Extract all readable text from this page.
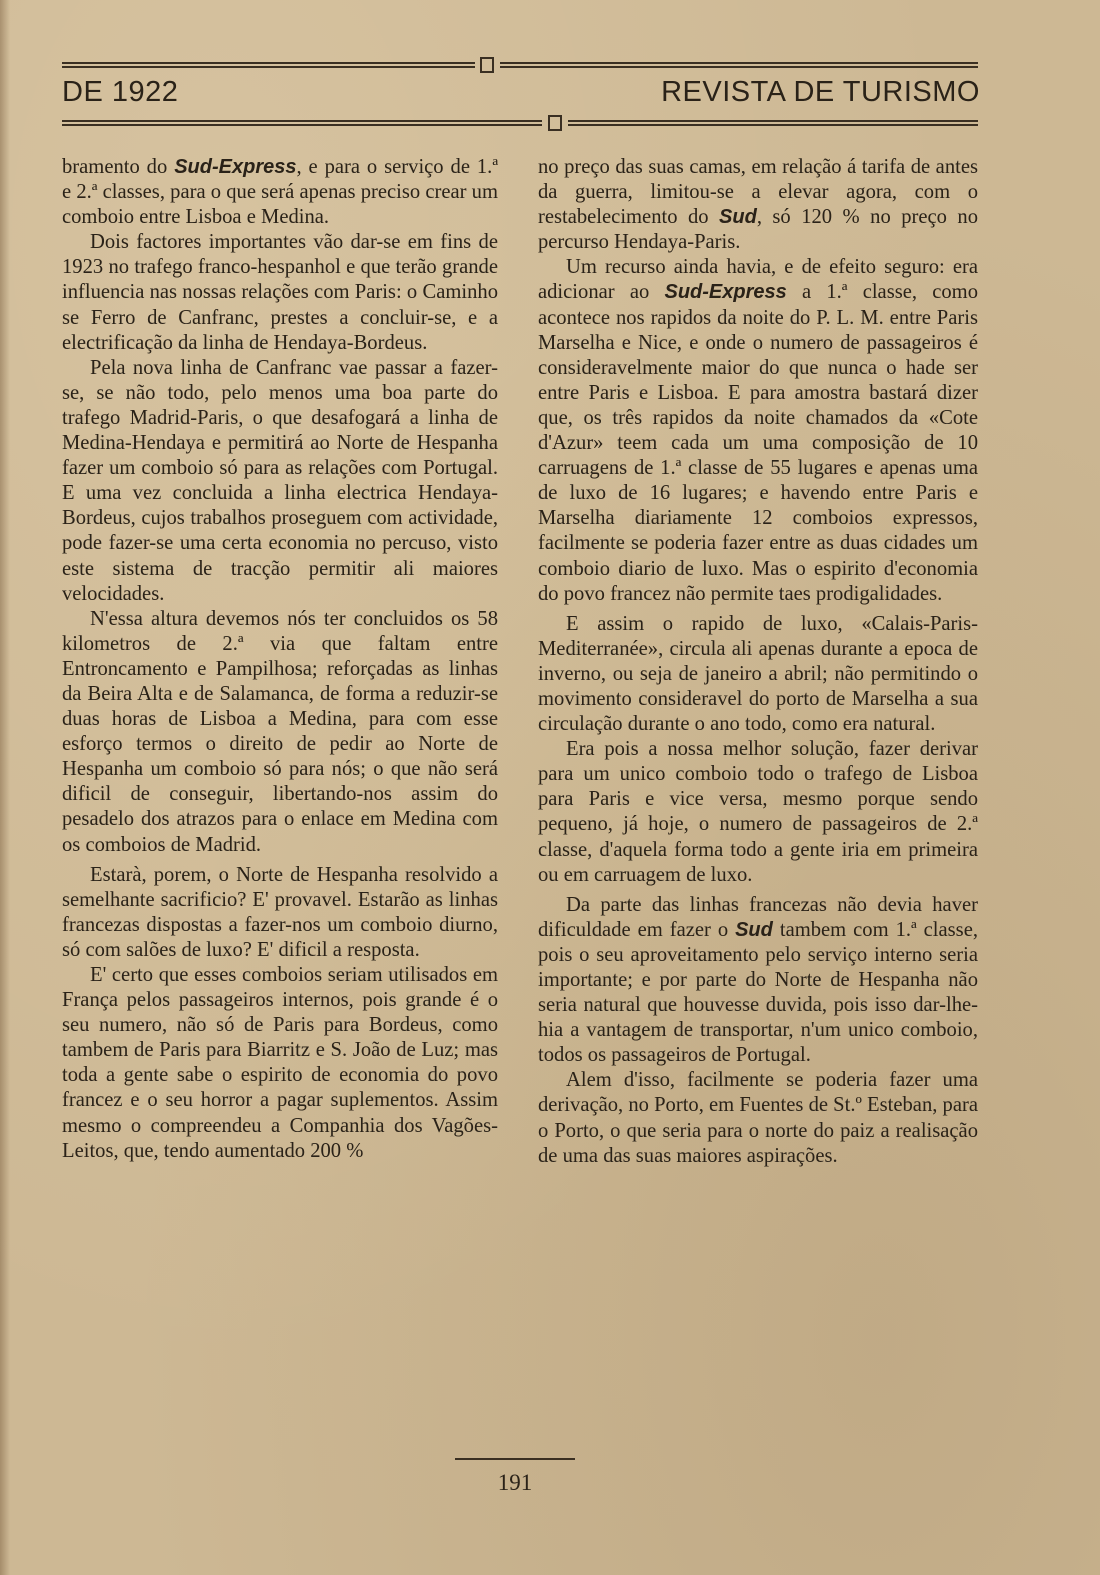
DE 1922	REVISTA DE TURISMO

bramento do Sud-Express, e para o serviço de 1.ª e 2.ª classes, para o que será apenas preciso crear um comboio entre Lisboa e Medina.

Dois factores importantes vão dar-se em fins de 1923 no trafego franco-hespanhol e que terão grande influencia nas nossas relações com Paris: o Caminho se Ferro de Canfranc, prestes a concluir-se, e a electrificação da linha de Hendaya-Bordeus.

Pela nova linha de Canfranc vae passar a fazer-se, se não todo, pelo menos uma boa parte do trafego Madrid-Paris, o que desafogará a linha de Medina-Hendaya e permitirá ao Norte de Hespanha fazer um comboio só para as relações com Portugal. E uma vez concluida a linha electrica Hendaya-Bordeus, cujos trabalhos proseguem com actividade, pode fazer-se uma certa economia no percuso, visto este sistema de tracção permitir ali maiores velocidades.

N'essa altura devemos nós ter concluidos os 58 kilometros de 2.ª via que faltam entre Entroncamento e Pampilhosa; reforçadas as linhas da Beira Alta e de Salamanca, de forma a reduzir-se duas horas de Lisboa a Medina, para com esse esforço termos o direito de pedir ao Norte de Hespanha um comboio só para nós; o que não será dificil de conseguir, libertando-nos assim do pesadelo dos atrazos para o enlace em Medina com os comboios de Madrid.

Estarà, porem, o Norte de Hespanha resolvido a semelhante sacrificio? E' provavel. Estarão as linhas francezas dispostas a fazer-nos um comboio diurno, só com salões de luxo? E' dificil a resposta.

E' certo que esses comboios seriam utilisados em França pelos passageiros internos, pois grande é o seu numero, não só de Paris para Bordeus, como tambem de Paris para Biarritz e S. João de Luz; mas toda a gente sabe o espirito de economia do povo francez e o seu horror a pagar suplementos. Assim mesmo o compreendeu a Companhia dos Vagões-Leitos, que, tendo aumentado 200 %

no preço das suas camas, em relação á tarifa de antes da guerra, limitou-se a elevar agora, com o restabelecimento do Sud, só 120 % no preço no percurso Hendaya-Paris.

Um recurso ainda havia, e de efeito seguro: era adicionar ao Sud-Express a 1.ª classe, como acontece nos rapidos da noite do P. L. M. entre Paris Marselha e Nice, e onde o numero de passageiros é consideravelmente maior do que nunca o hade ser entre Paris e Lisboa. E para amostra bastará dizer que, os três rapidos da noite chamados da «Cote d'Azur» teem cada um uma composição de 10 carruagens de 1.ª classe de 55 lugares e apenas uma de luxo de 16 lugares; e havendo entre Paris e Marselha diariamente 12 comboios expressos, facilmente se poderia fazer entre as duas cidades um comboio diario de luxo. Mas o espirito d'economia do povo francez não permite taes prodigalidades.

E assim o rapido de luxo, «Calais-Paris-Mediterranée», circula ali apenas durante a epoca de inverno, ou seja de janeiro a abril; não permitindo o movimento consideravel do porto de Marselha a sua circulação durante o ano todo, como era natural.

Era pois a nossa melhor solução, fazer derivar para um unico comboio todo o trafego de Lisboa para Paris e vice versa, mesmo porque sendo pequeno, já hoje, o numero de passageiros de 2.ª classe, d'aquela forma todo a gente iria em primeira ou em carruagem de luxo.

Da parte das linhas francezas não devia haver dificuldade em fazer o Sud tambem com 1.ª classe, pois o seu aproveitamento pelo serviço interno seria importante; e por parte do Norte de Hespanha não seria natural que houvesse duvida, pois isso dar-lhe-hia a vantagem de transportar, n'um unico comboio, todos os passageiros de Portugal.

Alem d'isso, facilmente se poderia fazer uma derivação, no Porto, em Fuentes de St.º Esteban, para o Porto, o que seria para o norte do paiz a realisação de uma das suas maiores aspirações.

191
